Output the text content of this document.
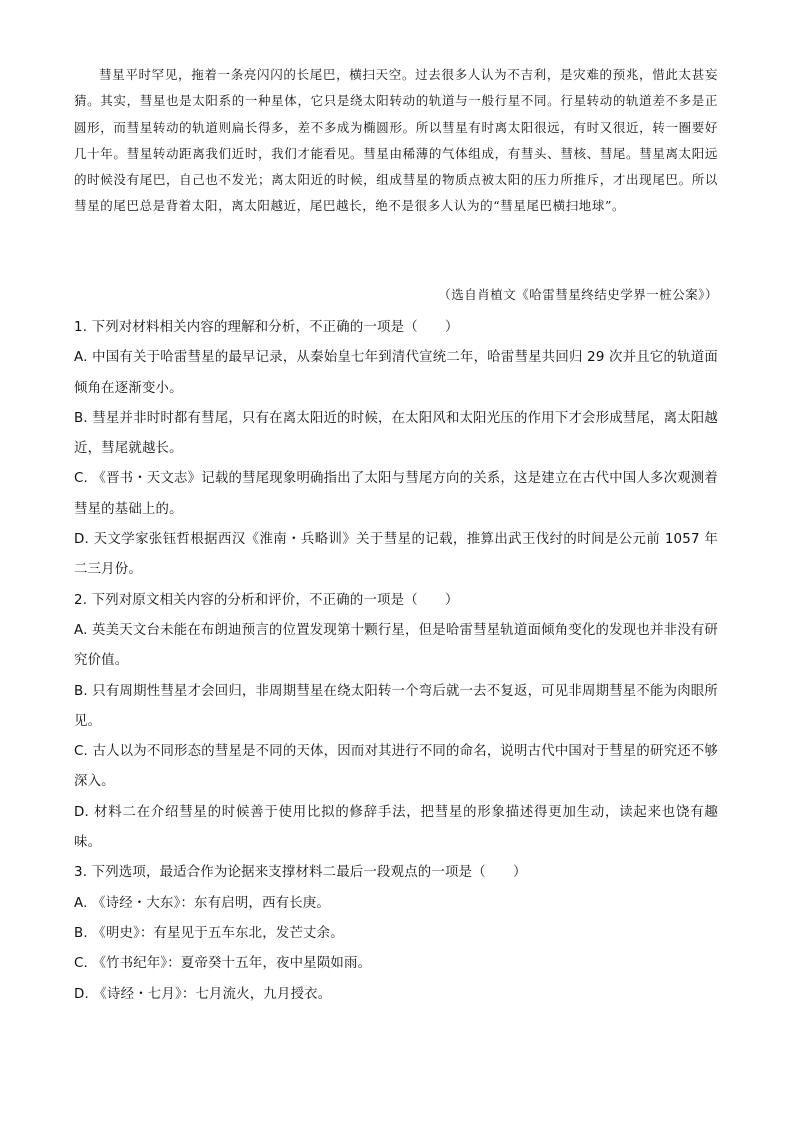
彗星平时罕见，拖着一条亮闪闪的长尾巴，横扫天空。过去很多人认为不吉利，是灾难的预兆，惜此太甚妄猜。其实，彗星也是太阳系的一种星体，它只是绕太阳转动的轨道与一般行星不同。行星转动的轨道差不多是正圆形，而彗星转动的轨道则扁长得多，差不多成为椭圆形。所以彗星有时离太阳很远，有时又很近，转一圈要好几十年。彗星转动距离我们近时，我们才能看见。彗星由稀薄的气体组成，有彗头、彗核、彗尾。彗星离太阳远的时候没有尾巴，自己也不发光；离太阳近的时候，组成彗星的物质点被太阳的压力所推斥，才出现尾巴。所以彗星的尾巴总是背着太阳，离太阳越近，尾巴越长，绝不是很多人认为的“彗星尾巴横扫地球”。

（选自肖植文《哈雷彗星终结史学界一桩公案》）

1. 下列对材料相关内容的理解和分析，不正确的一项是（　　）

A. 中国有关于哈雷彗星的最早记录，从秦始皇七年到清代宣统二年，哈雷彗星共回归 29 次并且它的轨道面倾角在逐渐变小。

B. 彗星并非时时都有彗尾，只有在离太阳近的时候，在太阳风和太阳光压的作用下才会形成彗尾，离太阳越近，彗尾就越长。

C. 《晋书・天文志》记载的彗尾现象明确指出了太阳与彗尾方向的关系，这是建立在古代中国人多次观测着彗星的基础上的。

D. 天文学家张钰哲根据西汉《淮南・兵略训》关于彗星的记载，推算出武王伐纣的时间是公元前 1057 年二三月份。

2. 下列对原文相关内容的分析和评价，不正确的一项是（　　）

A. 英美天文台未能在布朗迪预言的位置发现第十颗行星，但是哈雷彗星轨道面倾角变化的发现也并非没有研究价值。

B. 只有周期性彗星才会回归，非周期彗星在绕太阳转一个弯后就一去不复返，可见非周期彗星不能为肉眼所见。

C. 古人以为不同形态的彗星是不同的天体，因而对其进行不同的命名，说明古代中国对于彗星的研究还不够深入。

D. 材料二在介绍彗星的时候善于使用比拟的修辞手法，把彗星的形象描述得更加生动，读起来也饶有趣味。

3. 下列选项，最适合作为论据来支撑材料二最后一段观点的一项是（　　）

A. 《诗经・大东》：东有启明，西有长庚。

B. 《明史》：有星见于五车东北，发芒丈余。

C. 《竹书纪年》：夏帝癸十五年，夜中星陨如雨。

D. 《诗经・七月》：七月流火，九月授衣。
